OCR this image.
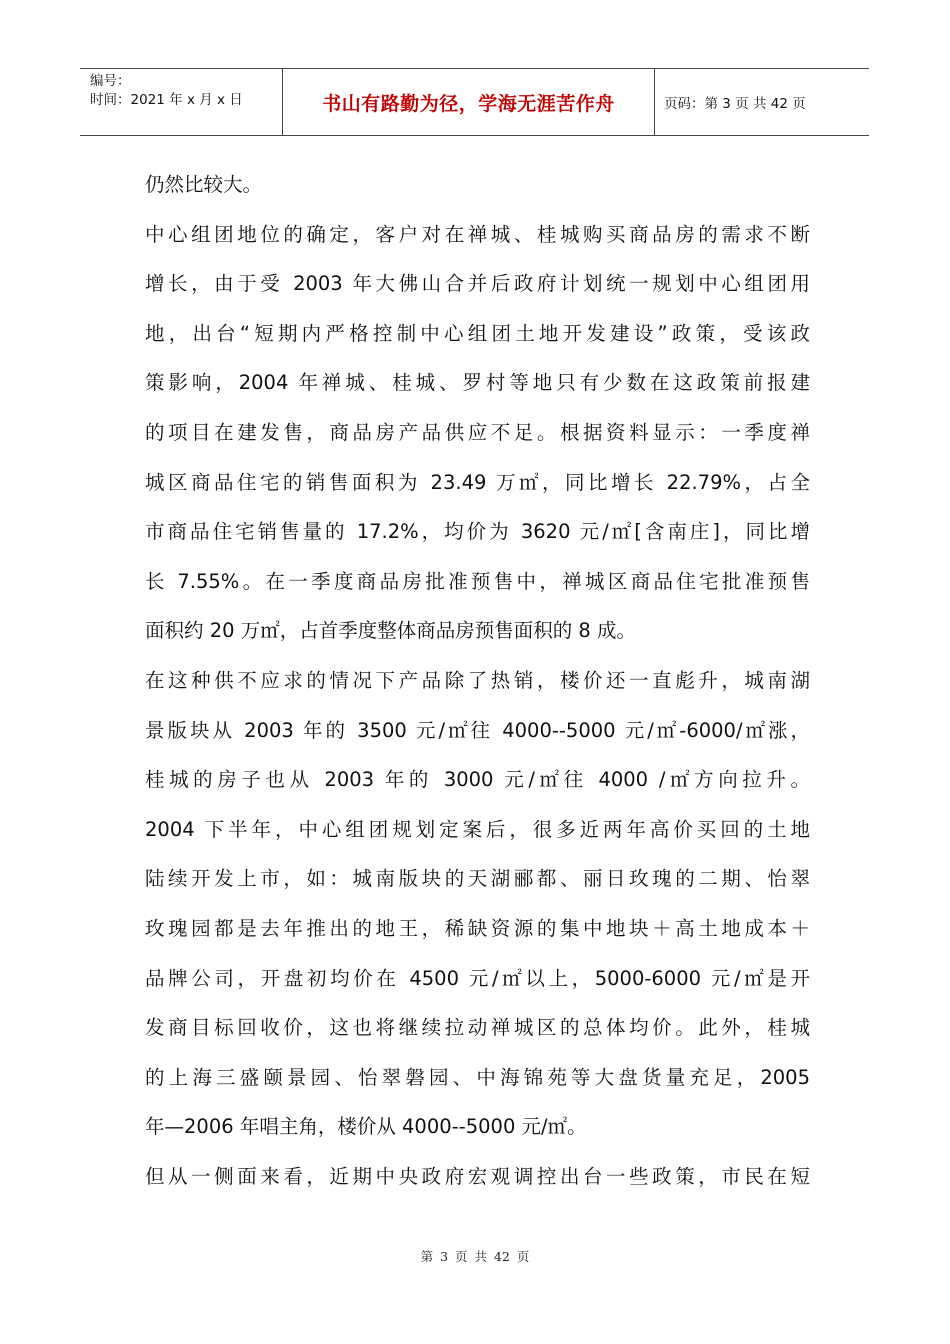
编号：
时间：2021 年 x 月 x 日	书山有路勤为径，学海无涯苦作舟	页码：第 3 页 共 42 页
仍然比较大。
中心组团地位的确定，客户对在禅城、桂城购买商品房的需求不断
增长，由于受 2003 年大佛山合并后政府计划统一规划中心组团用
地，出台“短期内严格控制中心组团土地开发建设”政策，受该政
策影响，2004 年禅城、桂城、罗村等地只有少数在这政策前报建
的项目在建发售，商品房产品供应不足。根据资料显示：一季度禅
城区商品住宅的销售面积为 23.49 万㎡，同比增长 22.79%，占全
市商品住宅销售量的 17.2%，均价为 3620 元/㎡[含南庄]，同比增
长 7.55%。在一季度商品房批准预售中，禅城区商品住宅批准预售
面积约 20 万㎡，占首季度整体商品房预售面积的 8 成。
在这种供不应求的情况下产品除了热销，楼价还一直彪升，城南湖
景版块从 2003 年的 3500 元/㎡往 4000--5000 元/㎡-6000/㎡涨，
桂城的房子也从 2003 年的 3000 元/㎡往 4000 /㎡方向拉升。
2004 下半年，中心组团规划定案后，很多近两年高价买回的土地
陆续开发上市，如：城南版块的天湖郦都、丽日玫瑰的二期、怡翠
玫瑰园都是去年推出的地王，稀缺资源的集中地块＋高土地成本＋
品牌公司，开盘初均价在 4500 元/㎡以上，5000-6000 元/㎡是开
发商目标回收价，这也将继续拉动禅城区的总体均价。此外，桂城
的上海三盛颐景园、怡翠磐园、中海锦苑等大盘货量充足，2005
年—2006 年唱主角，楼价从 4000--5000 元/㎡。
但从一侧面来看，近期中央政府宏观调控出台一些政策，市民在短
第 3 页 共 42 页
